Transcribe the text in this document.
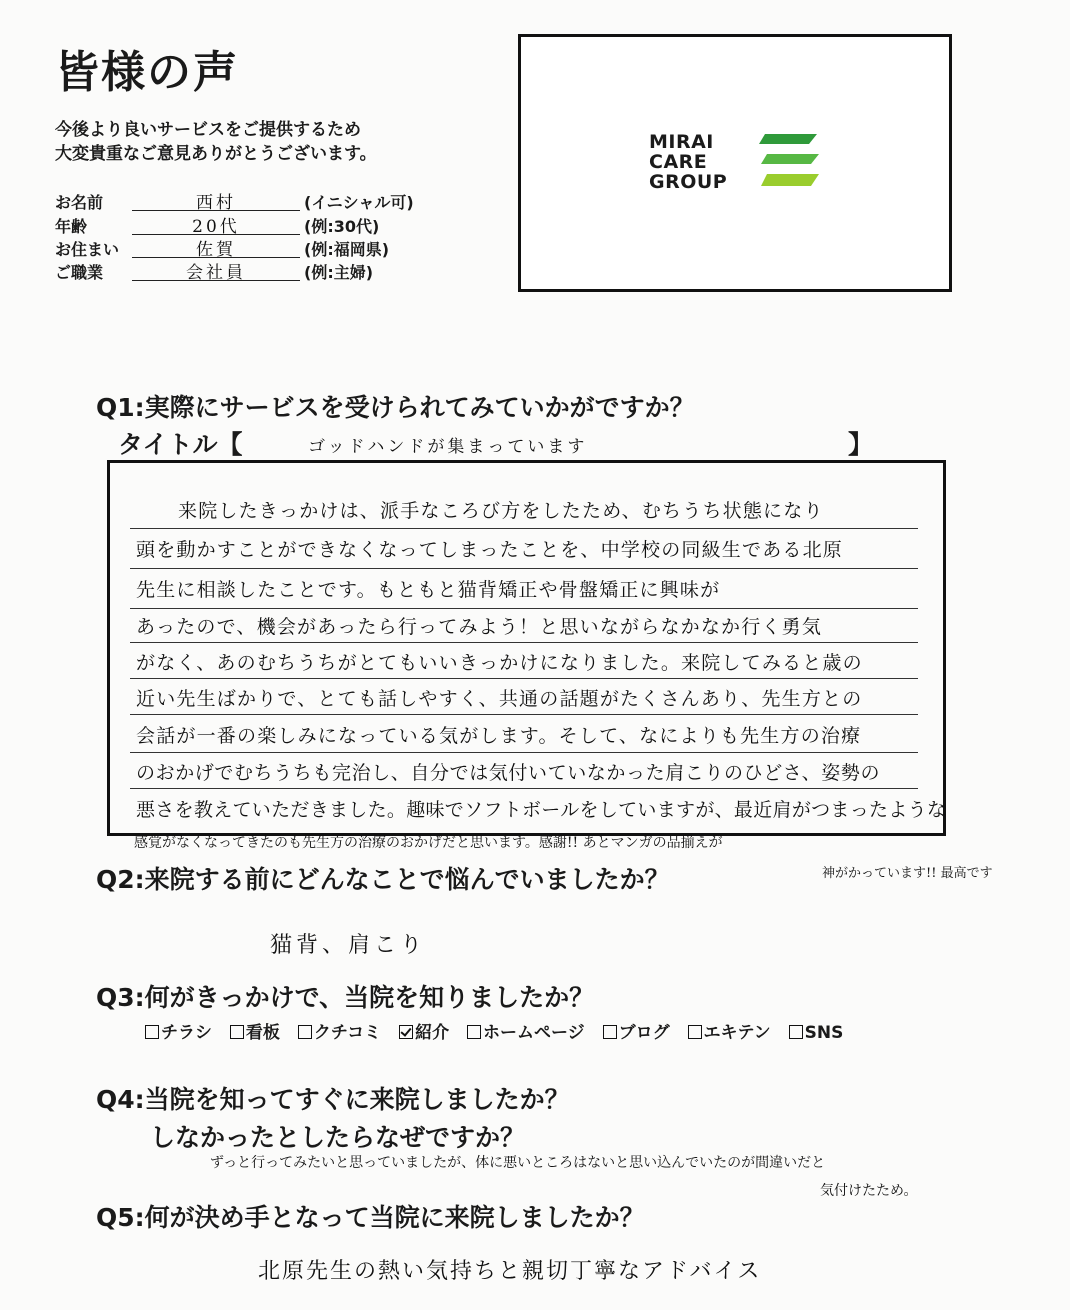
皆様の声
今後より良いサービスをご提供するため
大変貴重なご意見ありがとうございます。
お名前	西村	(イニシャル可)
年齢	20代	(例:30代)
お住まい	佐賀	(例:福岡県)
ご職業	会社員	(例:主婦)
MIRAI
CARE
GROUP
Q1:実際にサービスを受けられてみていかがですか？
タイトル【	】
ゴッドハンドが集まっています
来院したきっかけは、派手なころび方をしたため、むちうち状態になり
頭を動かすことができなくなってしまったことを、中学校の同級生である北原
先生に相談したことです。もともと猫背矯正や骨盤矯正に興味が
あったので、機会があったら行ってみよう！と思いながらなかなか行く勇気
がなく、あのむちうちがとてもいいきっかけになりました。来院してみると歳の
近い先生ばかりで、とても話しやすく、共通の話題がたくさんあり、先生方との
会話が一番の楽しみになっている気がします。そして、なによりも先生方の治療
のおかげでむちうちも完治し、自分では気付いていなかった肩こりのひどさ、姿勢の
悪さを教えていただきました。趣味でソフトボールをしていますが、最近肩がつまったような
感覚がなくなってきたのも先生方の治療のおかげだと思います。感謝!! あとマンガの品揃えが
神がかっています!! 最高です
Q2:来院する前にどんなことで悩んでいましたか？
猫背、肩こり
Q3:何がきっかけで、当院を知りましたか？
チラシ 看板 クチコミ 紹介 ホームページ ブログ エキテン SNS
Q4:当院を知ってすぐに来院しましたか？
しなかったとしたらなぜですか？
ずっと行ってみたいと思っていましたが、体に悪いところはないと思い込んでいたのが間違いだと
気付けたため。
Q5:何が決め手となって当院に来院しましたか？
北原先生の熱い気持ちと親切丁寧なアドバイス
